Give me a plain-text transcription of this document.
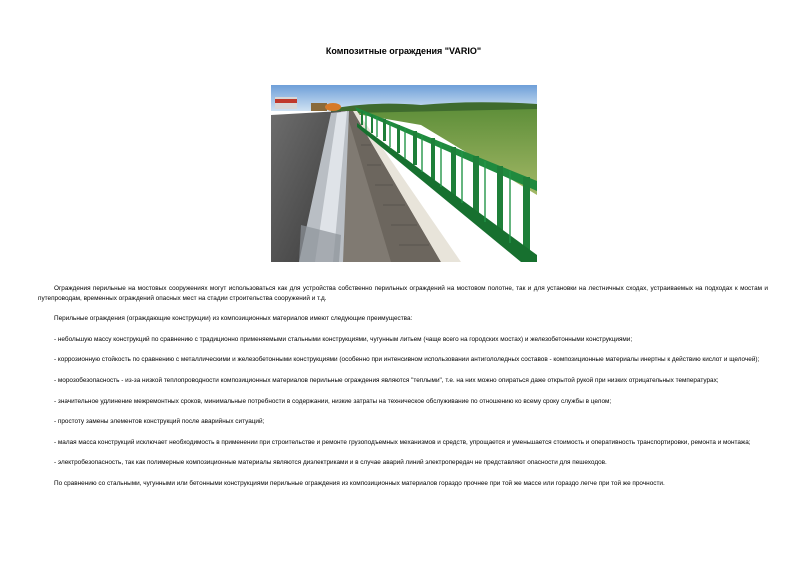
Композитные ограждения "VARIO"

Ограждения перильные на мостовых сооружениях могут использоваться как для устройства собственно перильных ограждений на мостовом полотне, так и для установки на лестничных сходах, устраиваемых на подходах к мостам и путепроводам, временных ограждений опасных мест на стадии строительства сооружений и т.д.

Перильные ограждения (ограждающие конструкции) из композиционных материалов имеют следующие преимущества:

- небольшую массу конструкций по сравнению с традиционно применяемыми стальными конструкциями, чугунным литьем (чаще всего на городских мостах) и железобетонными конструкциями;

- коррозионную стойкость по сравнению с металлическими и железобетонными конструкциями (особенно при интенсивном использовании антигололедных составов - композиционные материалы инертны к действию кислот и щелочей);

- морозобезопасность - из-за низкой теплопроводности композиционных материалов перильные ограждения являются "теплыми", т.е. на них можно опираться даже открытой рукой при низких отрицательных температурах;

- значительное удлинение межремонтных сроков, минимальные потребности в содержании, низкие затраты на техническое обслуживание по отношению ко всему сроку службы в целом;

- простоту замены элементов конструкций после аварийных ситуаций;

- малая масса конструкций исключает необходимость в применении при строительстве и ремонте грузоподъемных механизмов и средств, упрощается и уменьшается стоимость и оперативность транспортировки, ремонта и монтажа;

- электробезопасность, так как полимерные композиционные материалы являются диэлектриками и в случае аварий линий электропередач не представляют опасности для пешеходов.

По сравнению со стальными, чугунными или бетонными конструкциями перильные ограждения из композиционных материалов гораздо прочнее при той же массе или гораздо легче при той же прочности.
